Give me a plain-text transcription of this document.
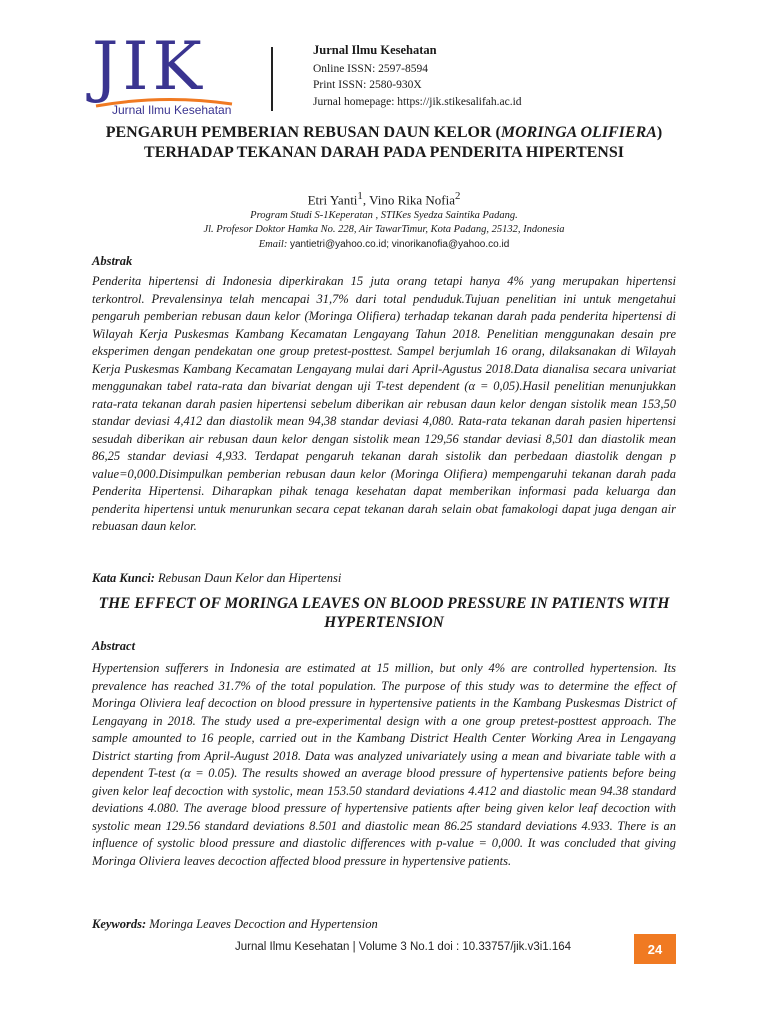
JIK
Jurnal Ilmu Kesehatan
Jurnal Ilmu Kesehatan
Online ISSN: 2597-8594
Print ISSN: 2580-930X
Jurnal homepage: https://jik.stikesalifah.ac.id
PENGARUH PEMBERIAN REBUSAN DAUN KELOR (MORINGA OLIFIERA) TERHADAP TEKANAN DARAH PADA PENDERITA HIPERTENSI
Etri Yanti$^1$, Vino Rika Nofia$^2$
Program Studi S-1Keperatan , STIKes Syedza Saintika Padang.
Jl. Profesor Doktor Hamka No. 228, Air TawarTimur, Kota Padang, 25132, Indonesia
Email: yantietri@yahoo.co.id; vinorikanofia@yahoo.co.id
Abstrak
Penderita hipertensi di Indonesia diperkirakan 15 juta orang tetapi hanya 4% yang merupakan hipertensi terkontrol. Prevalensinya telah mencapai 31,7% dari total penduduk.Tujuan penelitian ini untuk mengetahui pengaruh pemberian rebusan daun kelor (Moringa Olifiera) terhadap tekanan darah pada penderita hipertensi di Wilayah Kerja Puskesmas Kambang Kecamatan Lengayang Tahun 2018. Penelitian menggunakan desain pre eksperimen dengan pendekatan one group pretest-posttest. Sampel berjumlah 16 orang, dilaksanakan di Wilayah Kerja Puskesmas Kambang Kecamatan Lengayang mulai dari April-Agustus 2018.Data dianalisa secara univariat menggunakan tabel rata-rata dan bivariat dengan uji T-test dependent (α = 0,05).Hasil penelitian menunjukkan rata-rata tekanan darah pasien hipertensi sebelum diberikan air rebusan daun kelor dengan sistolik mean 153,50 standar deviasi 4,412 dan diastolik mean 94,38 standar deviasi 4,080. Rata-rata tekanan darah pasien hipertensi sesudah diberikan air rebusan daun kelor dengan sistolik mean 129,56 standar deviasi 8,501 dan diastolik mean 86,25 standar deviasi 4,933. Terdapat pengaruh tekanan darah sistolik dan perbedaan diastolik dengan p value=0,000.Disimpulkan pemberian rebusan daun kelor (Moringa Olifiera) mempengaruhi tekanan darah pada Penderita Hipertensi. Diharapkan pihak tenaga kesehatan dapat memberikan informasi pada keluarga dan penderita hipertensi untuk menurunkan secara cepat tekanan darah selain obat famakologi dapat juga dengan air rebuasan daun kelor.
Kata Kunci: Rebusan Daun Kelor dan Hipertensi
THE EFFECT OF MORINGA LEAVES ON BLOOD PRESSURE IN PATIENTS WITH HYPERTENSION
Abstract
Hypertension sufferers in Indonesia are estimated at 15 million, but only 4% are controlled hypertension. Its prevalence has reached 31.7% of the total population. The purpose of this study was to determine the effect of Moringa Oliviera leaf decoction on blood pressure in hypertensive patients in the Kambang Puskesmas District of Lengayang in 2018. The study used a pre-experimental design with a one group pretest-posttest approach. The sample amounted to 16 people, carried out in the Kambang District Health Center Working Area in Lengayang District starting from April-August 2018. Data was analyzed univariately using a mean and bivariate table with a dependent T-test (α = 0.05). The results showed an average blood pressure of hypertensive patients before being given kelor leaf decoction with systolic, mean 153.50 standard deviations 4.412 and diastolic mean 94.38 standard deviations 4.080. The average blood pressure of hypertensive patients after being given kelor leaf decoction with systolic mean 129.56 standard deviations 8.501 and diastolic mean 86.25 standard deviations 4.933. There is an influence of systolic blood pressure and diastolic differences with p-value = 0,000. It was concluded that giving Moringa Oliviera leaves decoction affected blood pressure in hypertensive patients.
Keywords: Moringa Leaves Decoction and Hypertension
Jurnal Ilmu Kesehatan | Volume 3 No.1 doi : 10.33757/jik.v3i1.164	24
